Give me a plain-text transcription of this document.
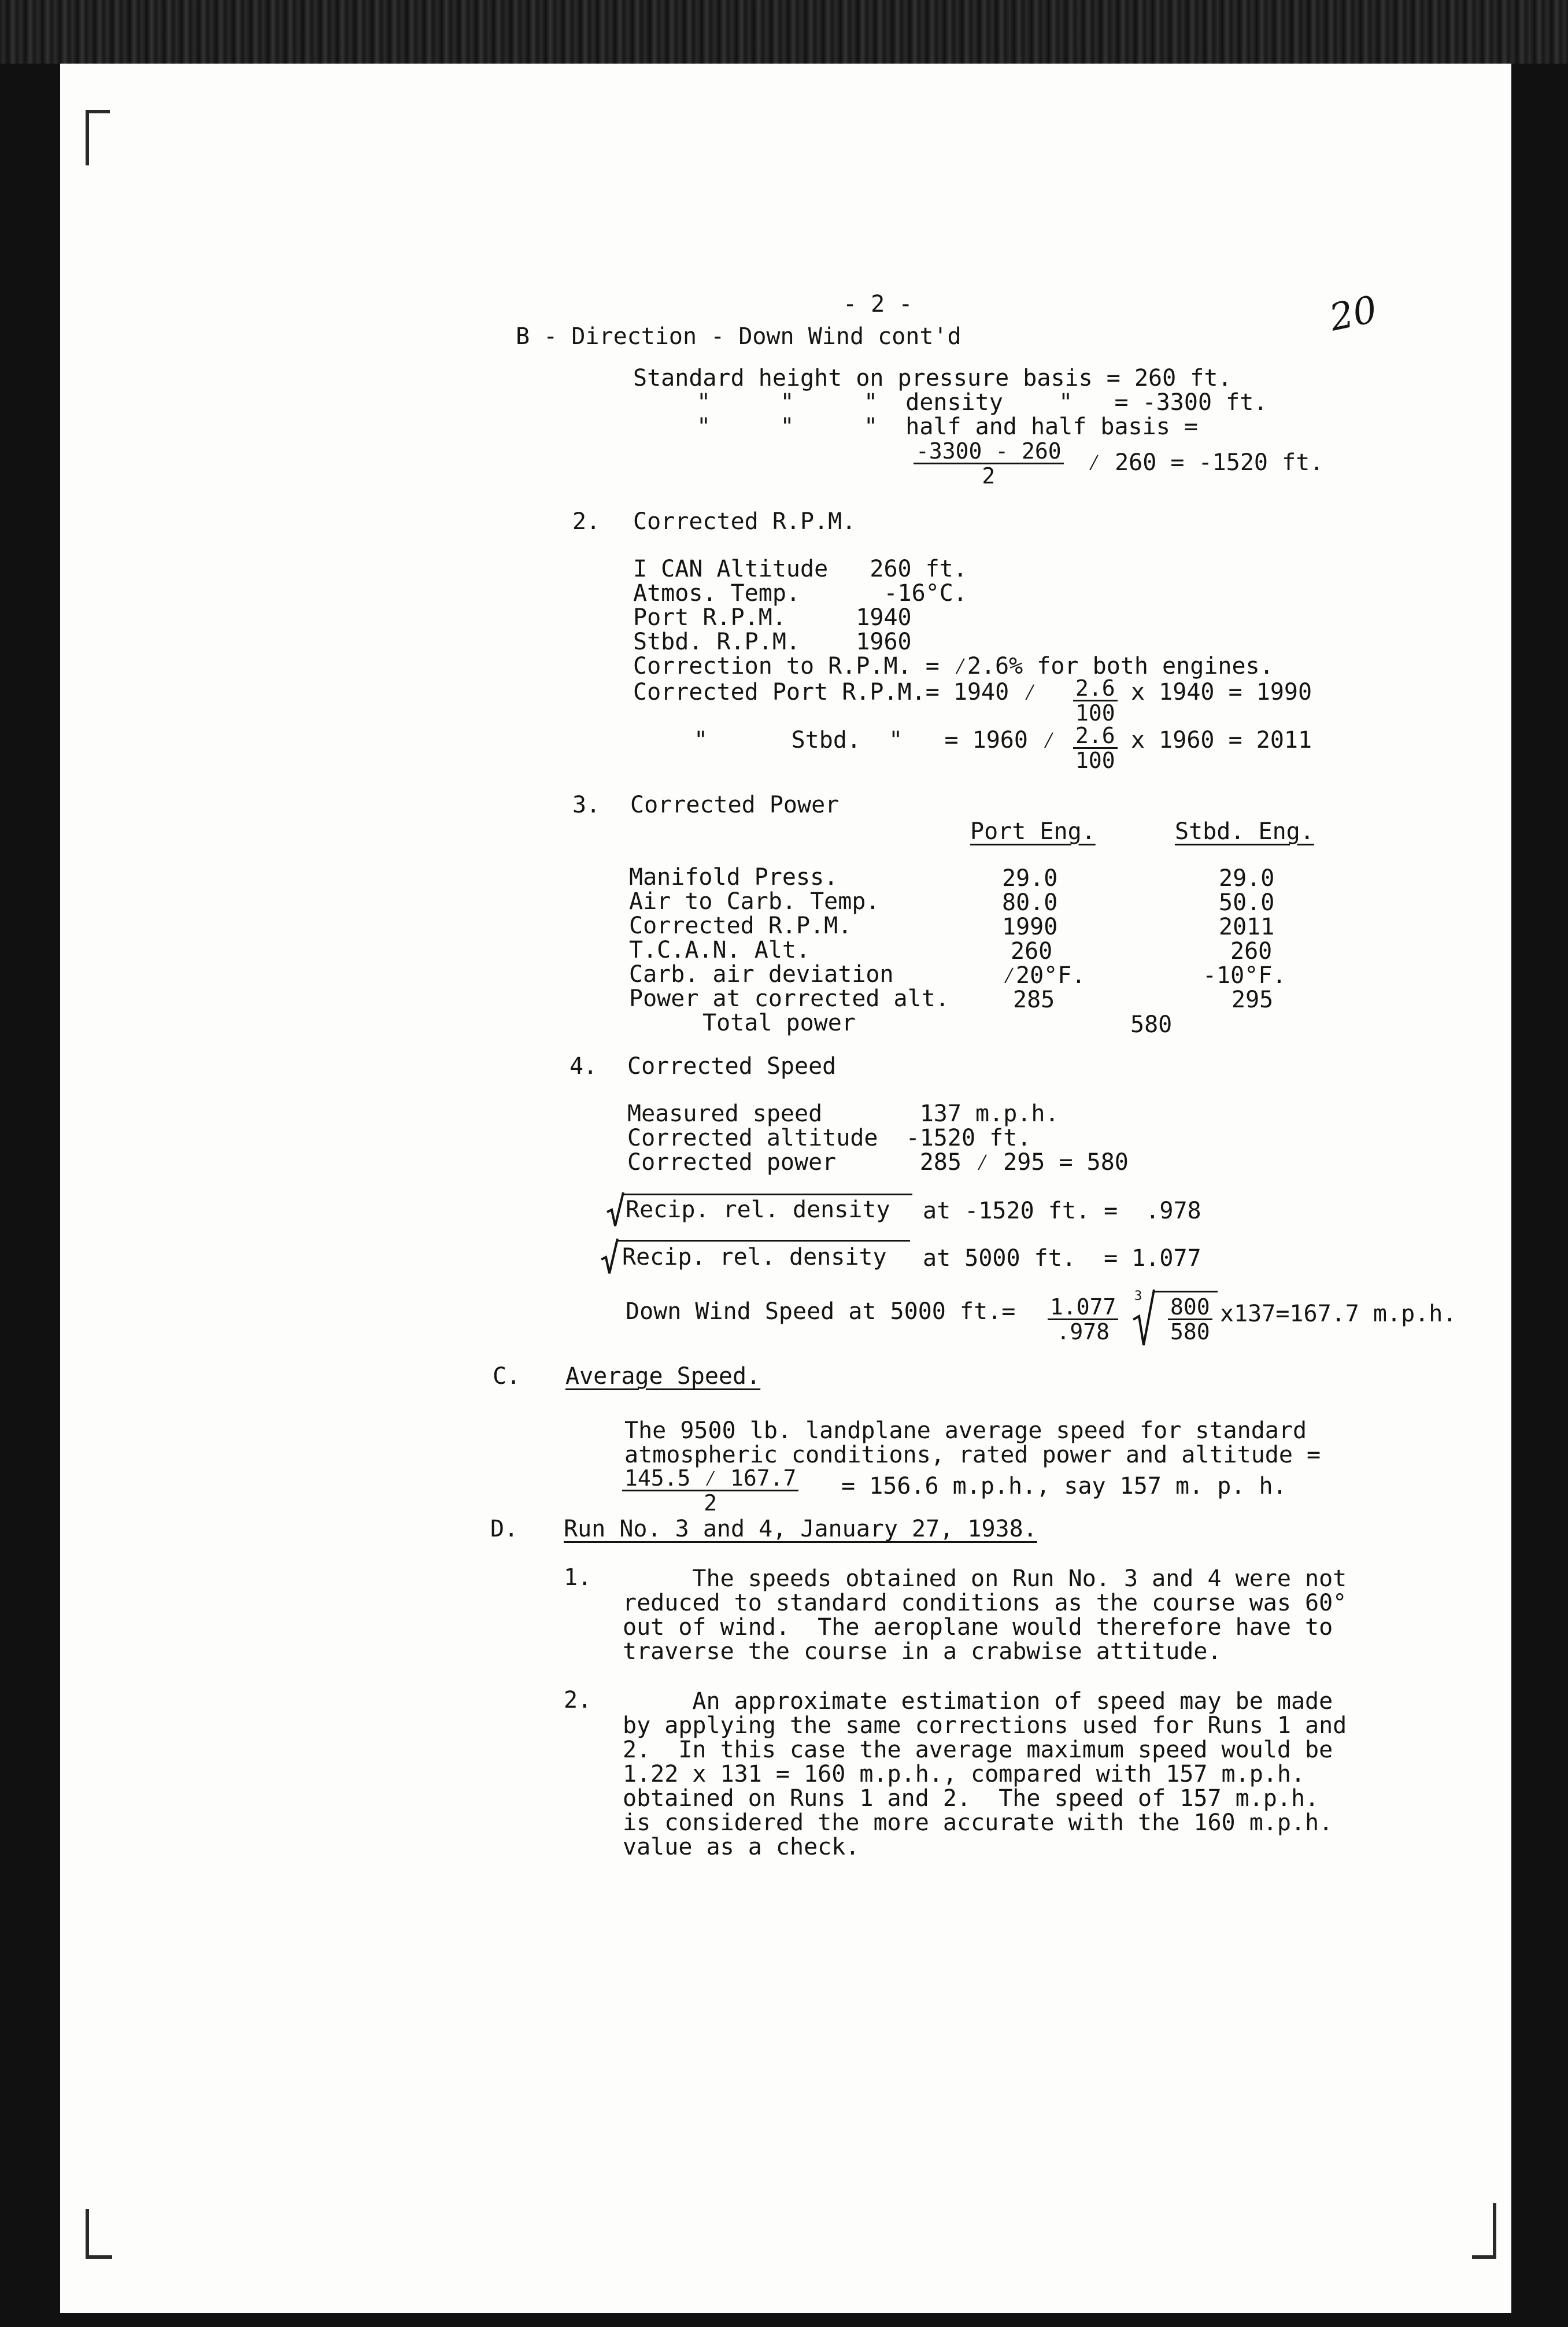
- 2 -	20
B - Direction - Down Wind cont'd
Standard height on pressure basis = 260 ft.
"     "     "  density    "   = -3300 ft.
"     "     "  half and half basis =
$\frac{-3300 - 260}{2}$ ⁄ 260 = -1520 ft.
2. Corrected R.P.M.
I CAN Altitude   260 ft.
Atmos. Temp.      -16°C.
Port R.P.M.     1940
Stbd. R.P.M.    1960
Correction to R.P.M. = ⁄2.6% for both engines.
Corrected Port R.P.M.= 1940 ⁄ $\frac{2.6}{100}$ x 1940 = 1990
"      Stbd.  "   = 1960 ⁄ $\frac{2.6}{100}$ x 1960 = 2011
3. Corrected Power
Port Eng.	Stbd. Eng.
Manifold Press.	29.0	29.0
Air to Carb. Temp.	80.0	50.0
Corrected R.P.M.	1990	2011
T.C.A.N. Alt.	260	260
Carb. air deviation	⁄20°F.	-10°F.
Power at corrected alt.	285	295
Total power	580
4. Corrected Speed
Measured speed       137 m.p.h.
Corrected altitude  -1520 ft.
Corrected power      285 ⁄ 295 = 580
Recip. rel. density at -1520 ft. =  .978
Recip. rel. density at 5000 ft.  = 1.077
Down Wind Speed at 5000 $ft.= \frac{1.077}{.978} 3 \frac{800}{580} x137=167.7$ m.p.h.
C. Average Speed.
The 9500 lb. landplane average speed for standard
atmospheric conditions, rated power and altitude =
$\frac{145.5 ⁄ 167.7}{2} = 156.6$ m.p.h., say 157 m. p. h.
D. Run No. 3 and 4, January 27, 1938.
1. The speeds obtained on Run No. 3 and 4 were not
reduced to standard conditions as the course was 60°
out of wind.  The aeroplane would therefore have to
traverse the course in a crabwise attitude.
2. An approximate estimation of speed may be made
by applying the same corrections used for Runs 1 and
2.  In this case the average maximum speed would be
1.22 x 131 = 160 m.p.h., compared with 157 m.p.h.
obtained on Runs 1 and 2.  The speed of 157 m.p.h.
is considered the more accurate with the 160 m.p.h.
value as a check.
